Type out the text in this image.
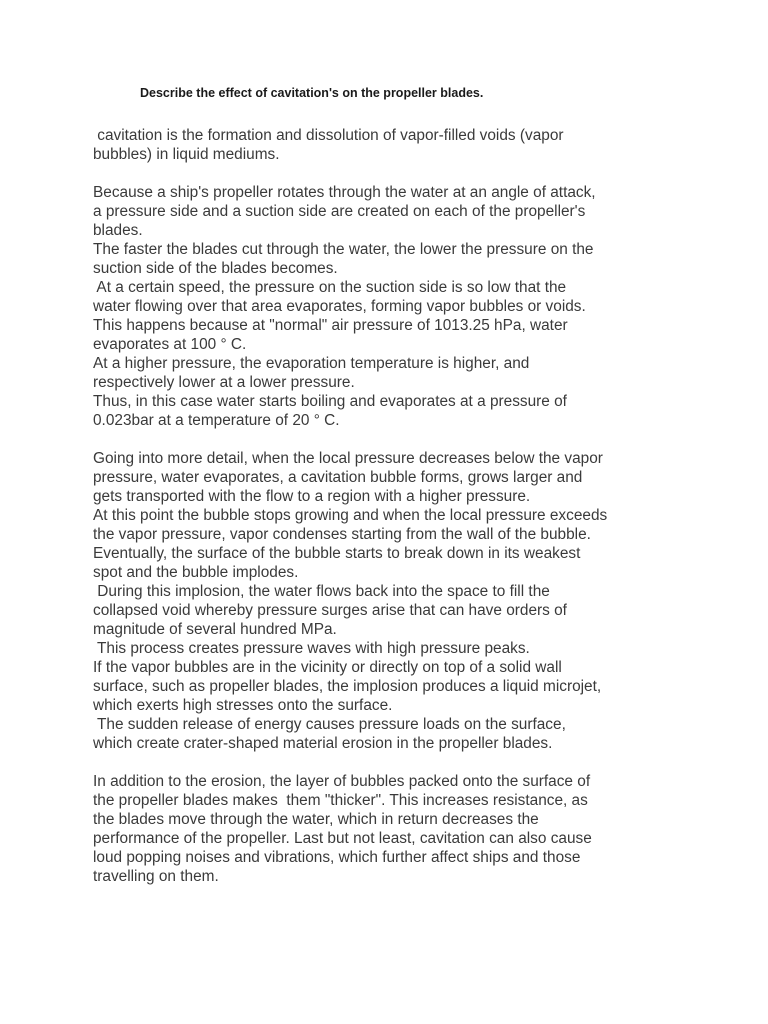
Describe the effect of cavitation's on the propeller blades.
cavitation is the formation and dissolution of vapor-filled voids (vapor
bubbles) in liquid mediums.
Because a ship's propeller rotates through the water at an angle of attack,
a pressure side and a suction side are created on each of the propeller's
blades.
The faster the blades cut through the water, the lower the pressure on the
suction side of the blades becomes.
At a certain speed, the pressure on the suction side is so low that the
water flowing over that area evaporates, forming vapor bubbles or voids.
This happens because at "normal" air pressure of 1013.25 hPa, water
evaporates at 100 ° C.
At a higher pressure, the evaporation temperature is higher, and
respectively lower at a lower pressure.
Thus, in this case water starts boiling and evaporates at a pressure of
0.023bar at a temperature of 20 ° C.
Going into more detail, when the local pressure decreases below the vapor
pressure, water evaporates, a cavitation bubble forms, grows larger and
gets transported with the flow to a region with a higher pressure.
At this point the bubble stops growing and when the local pressure exceeds
the vapor pressure, vapor condenses starting from the wall of the bubble.
Eventually, the surface of the bubble starts to break down in its weakest
spot and the bubble implodes.
During this implosion, the water flows back into the space to fill the
collapsed void whereby pressure surges arise that can have orders of
magnitude of several hundred MPa.
This process creates pressure waves with high pressure peaks.
If the vapor bubbles are in the vicinity or directly on top of a solid wall
surface, such as propeller blades, the implosion produces a liquid microjet,
which exerts high stresses onto the surface.
The sudden release of energy causes pressure loads on the surface,
which create crater-shaped material erosion in the propeller blades.
In addition to the erosion, the layer of bubbles packed onto the surface of
the propeller blades makes  them "thicker". This increases resistance, as
the blades move through the water, which in return decreases the
performance of the propeller. Last but not least, cavitation can also cause
loud popping noises and vibrations, which further affect ships and those
travelling on them.
